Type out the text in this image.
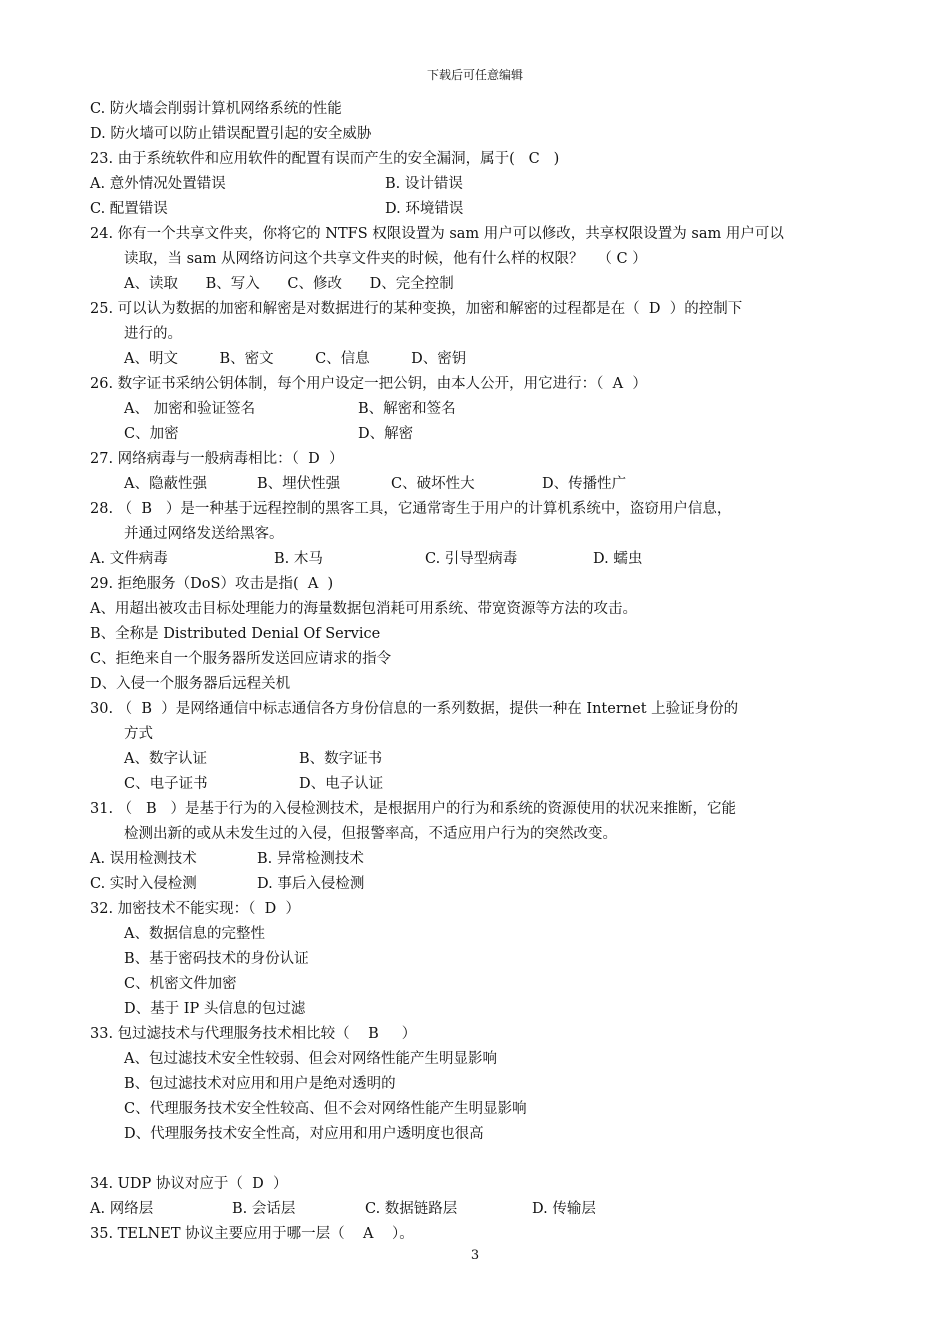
下载后可任意编辑
C. 防火墙会削弱计算机网络系统的性能
D. 防火墙可以防止错误配置引起的安全威胁
23. 由于系统软件和应用软件的配置有误而产生的安全漏洞，属于(   C   )
A. 意外情况处置错误	B. 设计错误
C. 配置错误	D. 环境错误
24. 你有一个共享文件夹，你将它的 NTFS 权限设置为 sam 用户可以修改，共享权限设置为 sam 用户可以
读取，当 sam 从网络访问这个共享文件夹的时候，他有什么样的权限？   （ C ）
A、读取      B、写入      C、修改      D、完全控制
25. 可以认为数据的加密和解密是对数据进行的某种变换，加密和解密的过程都是在（  D  ）的控制下
进行的。
A、明文         B、密文         C、信息         D、密钥
26. 数字证书采纳公钥体制，每个用户设定一把公钥，由本人公开，用它进行：（  A  ）
A、 加密和验证签名	B、解密和签名
C、加密	D、解密
27. 网络病毒与一般病毒相比：（  D  ）
A、隐蔽性强	B、埋伏性强	C、破坏性大	D、传播性广
28. （  B   ）是一种基于远程控制的黑客工具，它通常寄生于用户的计算机系统中，盗窃用户信息，
并通过网络发送给黑客。
A. 文件病毒	B. 木马	C. 引导型病毒	D. 蠕虫
29. 拒绝服务（DoS）攻击是指(  A  )
A、用超出被攻击目标处理能力的海量数据包消耗可用系统、带宽资源等方法的攻击。
B、全称是 Distributed Denial Of Service
C、拒绝来自一个服务器所发送回应请求的指令
D、入侵一个服务器后远程关机
30. （  B  ）是网络通信中标志通信各方身份信息的一系列数据，提供一种在 Internet 上验证身份的
方式
A、数字认证	B、数字证书
C、电子证书	D、电子认证
31. （   B   ）是基于行为的入侵检测技术，是根据用户的行为和系统的资源使用的状况来推断，它能
检测出新的或从未发生过的入侵，但报警率高，不适应用户行为的突然改变。
A. 误用检测技术	B. 异常检测技术
C. 实时入侵检测	D. 事后入侵检测
32. 加密技术不能实现：（  D  ）
A、数据信息的完整性
B、基于密码技术的身份认证
C、机密文件加密
D、基于 IP 头信息的包过滤
33. 包过滤技术与代理服务技术相比较（    B     ）
A、包过滤技术安全性较弱、但会对网络性能产生明显影响
B、包过滤技术对应用和用户是绝对透明的
C、代理服务技术安全性较高、但不会对网络性能产生明显影响
D、代理服务技术安全性高，对应用和用户透明度也很高
34. UDP 协议对应于（  D  ）
A. 网络层	B. 会话层	C. 数据链路层	D. 传输层
35. TELNET 协议主要应用于哪一层（    A    ）。
3
